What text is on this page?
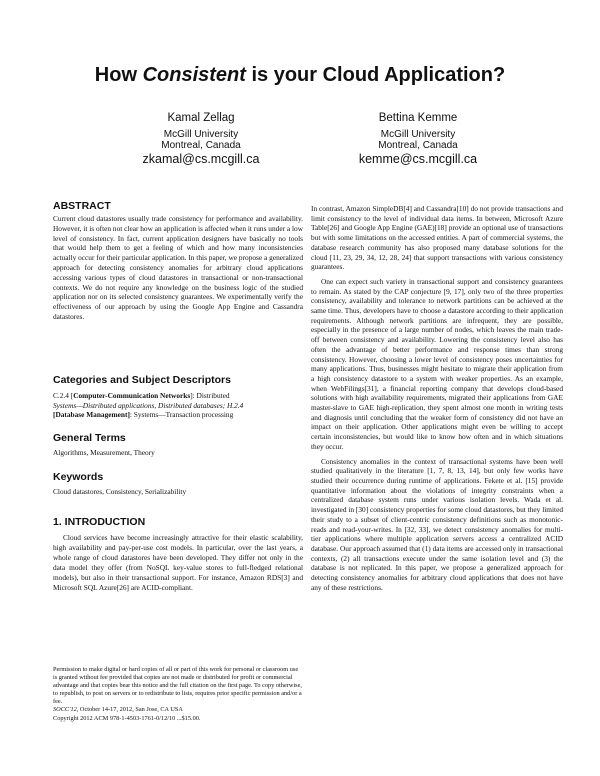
How Consistent is your Cloud Application?
Kamal Zellag
McGill University
Montreal, Canada
zkamal@cs.mcgill.ca
Bettina Kemme
McGill University
Montreal, Canada
kemme@cs.mcgill.ca
ABSTRACT
Current cloud datastores usually trade consistency for performance and availability. However, it is often not clear how an application is affected when it runs under a low level of consistency. In fact, current application designers have basically no tools that would help them to get a feeling of which and how many inconsistencies actually occur for their particular application. In this paper, we propose a generalized approach for detecting consistency anomalies for arbitrary cloud applications accessing various types of cloud datastores in transactional or non-transactional contexts. We do not require any knowledge on the business logic of the studied application nor on its selected consistency guarantees. We experimentally verify the effectiveness of our approach by using the Google App Engine and Cassandra datastores.
Categories and Subject Descriptors
C.2.4 [Computer-Communication Networks]: Distributed
Systems—Distributed applications, Distributed databases; H.2.4
[Database Management]: Systems—Transaction processing
General Terms
Algorithms, Measurement, Theory
Keywords
Cloud datastores, Consistency, Serializability
1. INTRODUCTION
Cloud services have become increasingly attractive for their elastic scalability, high availability and pay-per-use cost models. In particular, over the last years, a whole range of cloud datastores have been developed. They differ not only in the data model they offer (from NoSQL key-value stores to full-fledged relational models), but also in their transactional support. For instance, Amazon RDS[3] and Microsoft SQL Azure[26] are ACID-compliant.
Permission to make digital or hard copies of all or part of this work for personal or classroom use is granted without fee provided that copies are not made or distributed for profit or commercial advantage and that copies bear this notice and the full citation on the first page. To copy otherwise, to republish, to post on servers or to redistribute to lists, requires prior specific permission and/or a fee.
SOCC'12, October 14-17, 2012, San Jose, CA USA
Copyright 2012 ACM 978-1-4503-1761-0/12/10 ...$15.00.

In contrast, Amazon SimpleDB[4] and Cassandra[10] do not provide transactions and limit consistency to the level of individual data items. In between, Microsoft Azure Table[26] and Google App Engine (GAE)[18] provide an optional use of transactions but with some limitations on the accessed entities. A part of commercial systems, the database research community has also proposed many database solutions for the cloud [11, 23, 29, 34, 12, 28, 24] that support transactions with various consistency guarantees.

One can expect such variety in transactional support and consistency guarantees to remain. As stated by the CAP conjecture [9, 17], only two of the three properties consistency, availability and tolerance to network partitions can be achieved at the same time. Thus, developers have to choose a datastore according to their application requirements. Although network partitions are infrequent, they are possible, especially in the presence of a large number of nodes, which leaves the main trade-off between consistency and availability. Lowering the consistency level also has often the advantage of better performance and response times than strong consistency. However, choosing a lower level of consistency poses uncertainties for many applications. Thus, businesses might hesitate to migrate their application from a high consistency datastore to a system with weaker properties. As an example, when WebFilings[31], a financial reporting company that develops cloud-based solutions with high availability requirements, migrated their applications from GAE master-slave to GAE high-replication, they spent almost one month in writing tests and diagnosis until concluding that the weaker form of consistency did not have an impact on their application. Other applications might even be willing to accept certain inconsistencies, but would like to know how often and in which situations they occur.

Consistency anomalies in the context of transactional systems have been well studied qualitatively in the literature [1, 7, 8, 13, 14], but only few works have studied their occurrence during runtime of applications. Fekete et al. [15] provide quantitative information about the violations of integrity constraints when a centralized database system runs under various isolation levels. Wada et al. investigated in [30] consistency properties for some cloud datastores, but they limited their study to a subset of client-centric consistency definitions such as monotonic-reads and read-your-writes. In [32, 33], we detect consistency anomalies for multi-tier applications where multiple application servers access a centralized ACID database. Our approach assumed that (1) data items are accessed only in transactional contexts, (2) all transactions execute under the same isolation level and (3) the database is not replicated. In this paper, we propose a generalized approach for detecting consistency anomalies for arbitrary cloud applications that does not have any of these restrictions.
